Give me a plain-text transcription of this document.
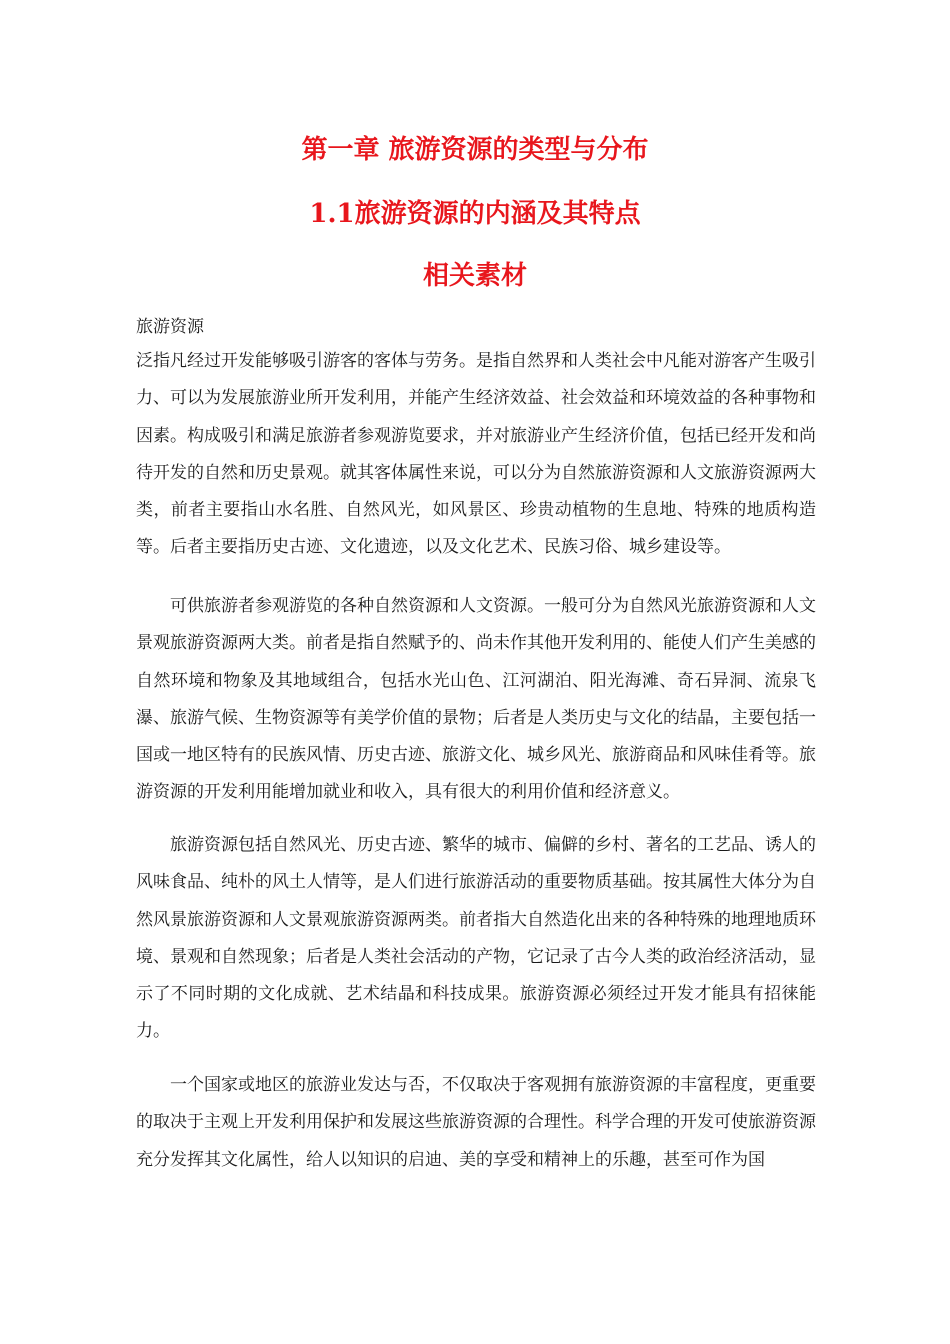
第一章 旅游资源的类型与分布
1.1旅游资源的内涵及其特点
相关素材

旅游资源

泛指凡经过开发能够吸引游客的客体与劳务。是指自然界和人类社会中凡能对游客产生吸引力、可以为发展旅游业所开发利用，并能产生经济效益、社会效益和环境效益的各种事物和因素。构成吸引和满足旅游者参观游览要求，并对旅游业产生经济价值，包括已经开发和尚待开发的自然和历史景观。就其客体属性来说，可以分为自然旅游资源和人文旅游资源两大类，前者主要指山水名胜、自然风光，如风景区、珍贵动植物的生息地、特殊的地质构造等。后者主要指历史古迹、文化遗迹，以及文化艺术、民族习俗、城乡建设等。

可供旅游者参观游览的各种自然资源和人文资源。一般可分为自然风光旅游资源和人文景观旅游资源两大类。前者是指自然赋予的、尚未作其他开发利用的、能使人们产生美感的自然环境和物象及其地域组合，包括水光山色、江河湖泊、阳光海滩、奇石异洞、流泉飞瀑、旅游气候、生物资源等有美学价值的景物；后者是人类历史与文化的结晶，主要包括一国或一地区特有的民族风情、历史古迹、旅游文化、城乡风光、旅游商品和风味佳肴等。旅游资源的开发利用能增加就业和收入，具有很大的利用价值和经济意义。

旅游资源包括自然风光、历史古迹、繁华的城市、偏僻的乡村、著名的工艺品、诱人的风味食品、纯朴的风土人情等，是人们进行旅游活动的重要物质基础。按其属性大体分为自然风景旅游资源和人文景观旅游资源两类。前者指大自然造化出来的各种特殊的地理地质环境、景观和自然现象；后者是人类社会活动的产物，它记录了古今人类的政治经济活动，显示了不同时期的文化成就、艺术结晶和科技成果。旅游资源必须经过开发才能具有招徕能力。

一个国家或地区的旅游业发达与否，不仅取决于客观拥有旅游资源的丰富程度，更重要的取决于主观上开发利用保护和发展这些旅游资源的合理性。科学合理的开发可使旅游资源充分发挥其文化属性，给人以知识的启迪、美的享受和精神上的乐趣，甚至可作为国
